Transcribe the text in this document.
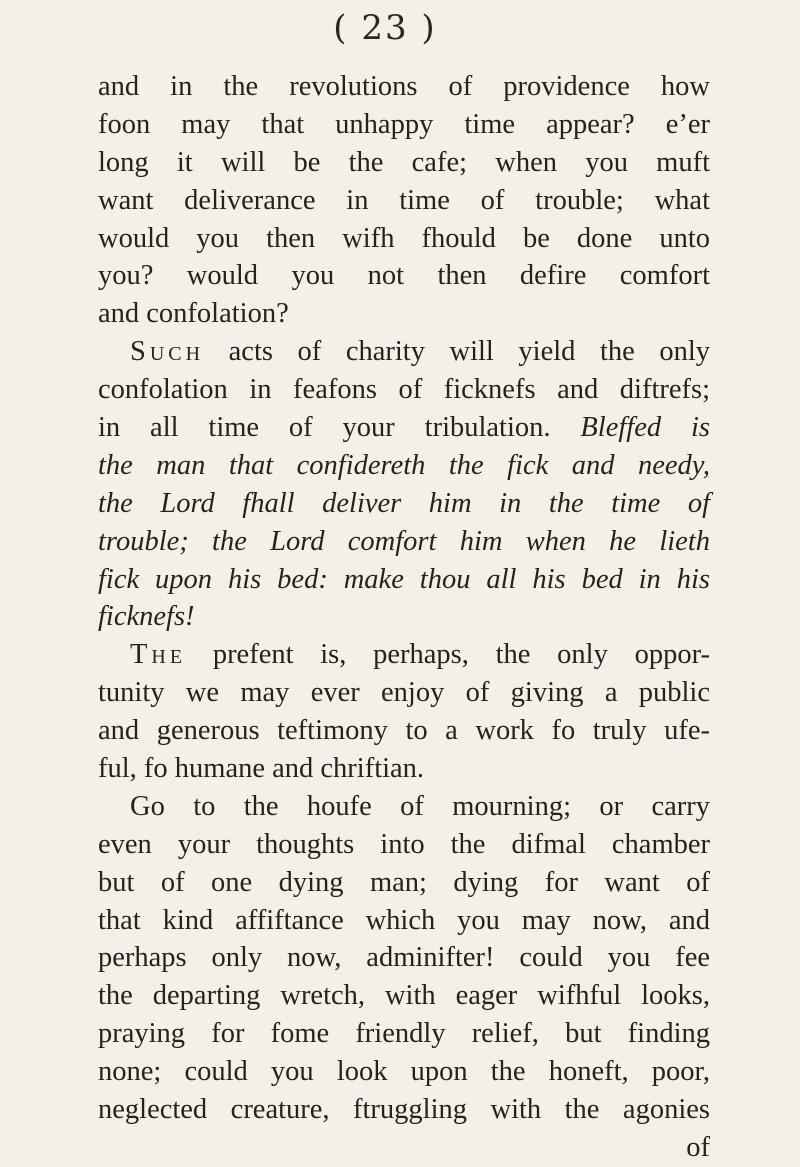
( 23 )
and in the revolutions of providence how
foon may that unhappy time appear? e’er
long it will be the cafe; when you muft
want deliverance in time of trouble; what
would you then wifh fhould be done unto
you? would you not then defire comfort
and confolation?
Such acts of charity will yield the only
confolation in feafons of ficknefs and diftrefs;
in all time of your tribulation. Bleffed is
the man that confidereth the fick and needy,
the Lord fhall deliver him in the time of
trouble; the Lord comfort him when he lieth
fick upon his bed: make thou all his bed in his
ficknefs!
The prefent is, perhaps, the only oppor-
tunity we may ever enjoy of giving a public
and generous teftimony to a work fo truly ufe-
ful, fo humane and chriftian.
Go to the houfe of mourning; or carry
even your thoughts into the difmal chamber
but of one dying man; dying for want of
that kind affiftance which you may now, and
perhaps only now, adminifter! could you fee
the departing wretch, with eager wifhful looks,
praying for fome friendly relief, but finding
none; could you look upon the honeft, poor,
neglected creature, ftruggling with the agonies
of
